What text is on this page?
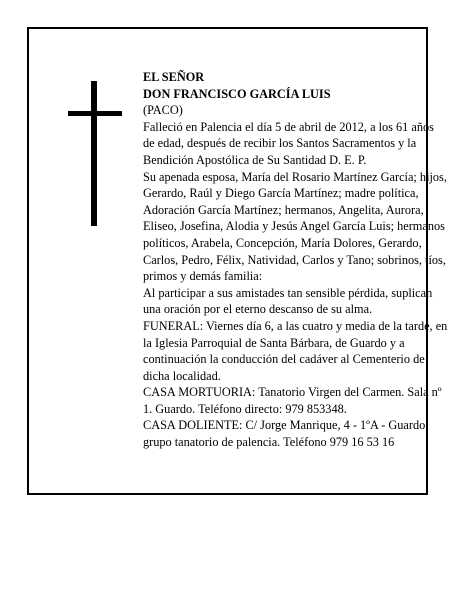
EL SEÑOR

DON FRANCISCO GARCÍA LUIS

(PACO)

Falleció en Palencia el día 5 de abril de 2012, a los 61 años de edad, después de recibir los Santos Sacramentos y la Bendición Apostólica de Su Santidad D. E. P.

Su apenada esposa, María del Rosario Martínez García; hijos, Gerardo, Raúl y Diego García Martínez; madre política, Adoración García Martínez; hermanos, Angelita, Aurora, Eliseo, Josefina, Alodia y Jesús Angel García Luis; hermanos políticos, Arabela, Concepción, María Dolores, Gerardo, Carlos, Pedro, Félix, Natividad, Carlos y Tano; sobrinos, tíos, primos y demás familia:

Al participar a sus amistades tan sensible pérdida, suplican una oración por el eterno descanso de su alma.

FUNERAL: Viernes día 6, a las cuatro y media de la tarde, en la Iglesia Parroquial de Santa Bárbara, de Guardo y a continuación la conducción del cadáver al Cementerio de dicha localidad.

CASA MORTUORIA: Tanatorio Virgen del Carmen. Sala nº 1. Guardo. Teléfono directo: 979 853348.

CASA DOLIENTE: C/ Jorge Manrique, 4 - 1ºA - Guardo.

grupo tanatorio de palencia. Teléfono 979 16 53 16
